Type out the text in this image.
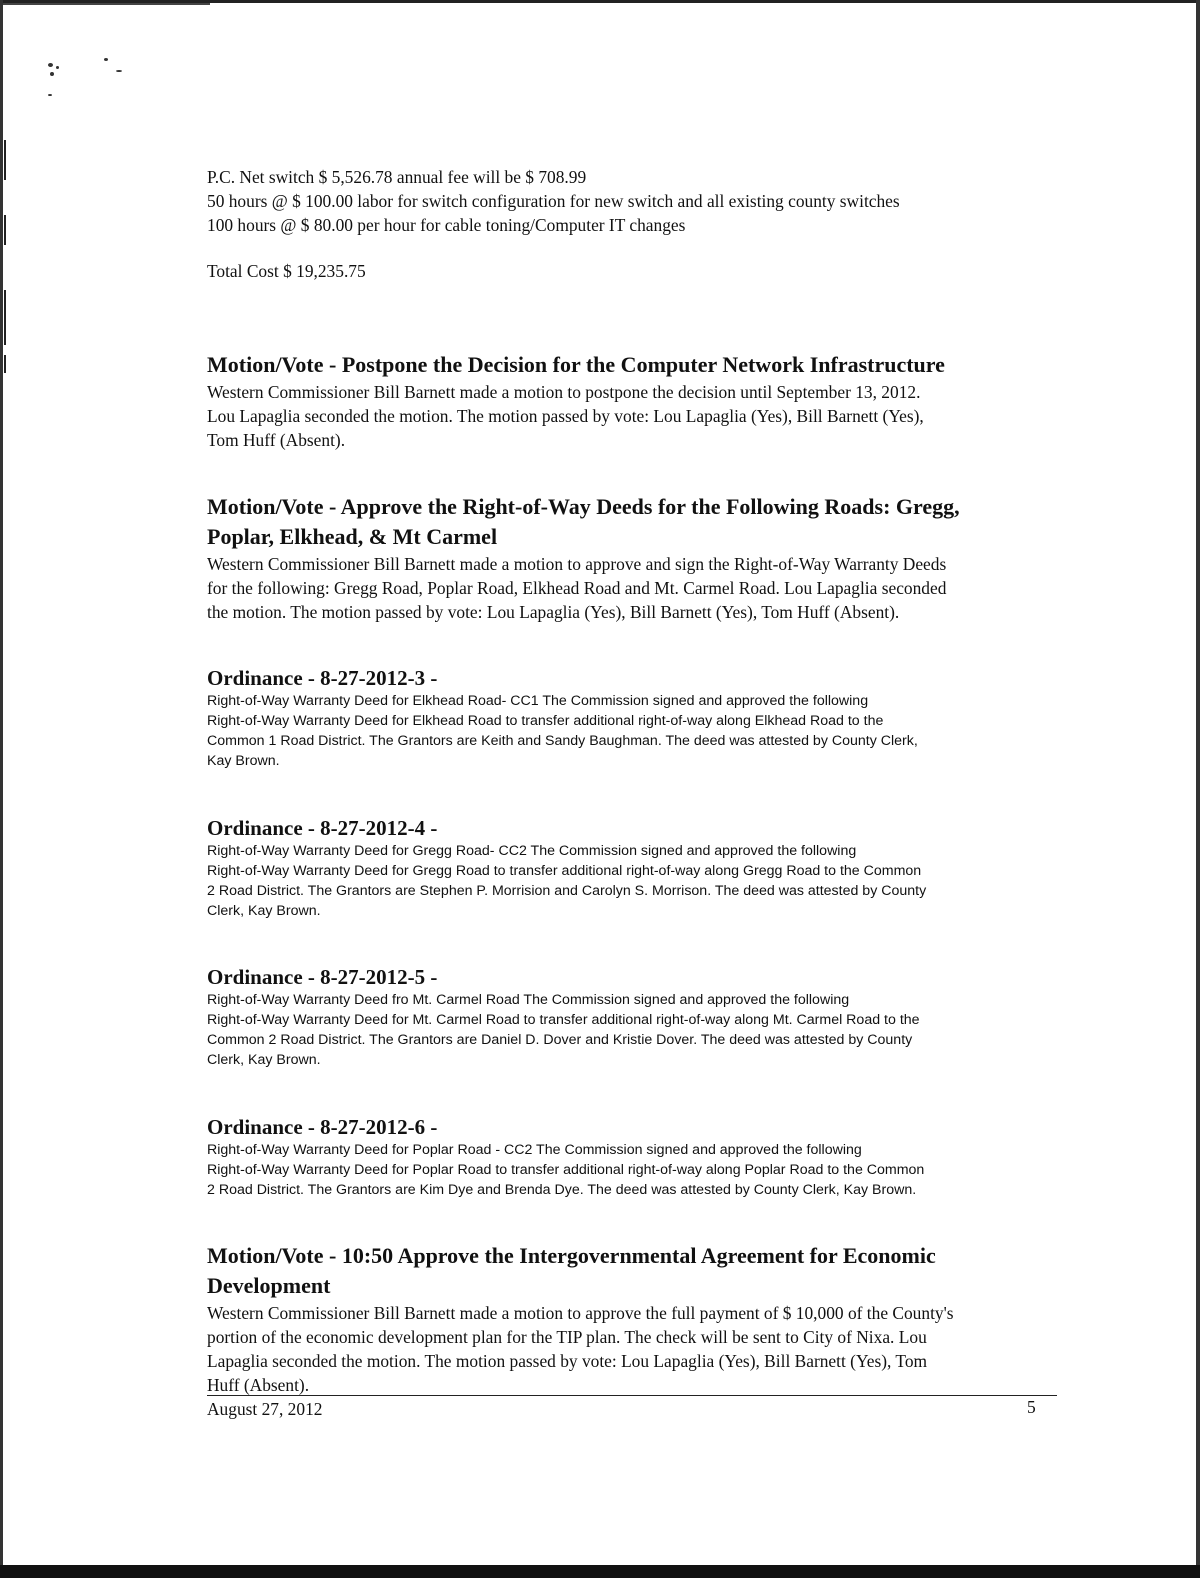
P.C. Net switch $ 5,526.78 annual fee will be $ 708.99
50 hours @ $ 100.00 labor for switch configuration for new switch and all existing county switches
100 hours @ $ 80.00 per hour for cable toning/Computer IT changes
Total Cost $ 19,235.75
Motion/Vote - Postpone the Decision for the Computer Network Infrastructure
Western Commissioner Bill Barnett made a motion to postpone the decision until September 13, 2012.
Lou Lapaglia seconded the motion. The motion passed by vote: Lou Lapaglia (Yes), Bill Barnett (Yes),
Tom Huff (Absent).
Motion/Vote - Approve the Right-of-Way Deeds for the Following Roads: Gregg,
Poplar, Elkhead, & Mt Carmel
Western Commissioner Bill Barnett made a motion to approve and sign the Right-of-Way Warranty Deeds
for the following: Gregg Road, Poplar Road, Elkhead Road and Mt. Carmel Road. Lou Lapaglia seconded
the motion. The motion passed by vote: Lou Lapaglia (Yes), Bill Barnett (Yes), Tom Huff (Absent).
Ordinance - 8-27-2012-3 -
Right-of-Way Warranty Deed for Elkhead Road- CC1 The Commission signed and approved the following
Right-of-Way Warranty Deed for Elkhead Road to transfer additional right-of-way along Elkhead Road to the
Common 1 Road District. The Grantors are Keith and Sandy Baughman. The deed was attested by County Clerk,
Kay Brown.
Ordinance - 8-27-2012-4 -
Right-of-Way Warranty Deed for Gregg Road- CC2 The Commission signed and approved the following
Right-of-Way Warranty Deed for Gregg Road to transfer additional right-of-way along Gregg Road to the Common
2 Road District. The Grantors are Stephen P. Morrision and Carolyn S. Morrison. The deed was attested by County
Clerk, Kay Brown.
Ordinance - 8-27-2012-5 -
Right-of-Way Warranty Deed fro Mt. Carmel Road The Commission signed and approved the following
Right-of-Way Warranty Deed for Mt. Carmel Road to transfer additional right-of-way along Mt. Carmel Road to the
Common 2 Road District. The Grantors are Daniel D. Dover and Kristie Dover. The deed was attested by County
Clerk, Kay Brown.
Ordinance - 8-27-2012-6 -
Right-of-Way Warranty Deed for Poplar Road - CC2 The Commission signed and approved the following
Right-of-Way Warranty Deed for Poplar Road to transfer additional right-of-way along Poplar Road to the Common
2 Road District. The Grantors are Kim Dye and Brenda Dye. The deed was attested by County Clerk, Kay Brown.
Motion/Vote - 10:50 Approve the Intergovernmental Agreement for Economic
Development
Western Commissioner Bill Barnett made a motion to approve the full payment of $ 10,000 of the County's
portion of the economic development plan for the TIP plan. The check will be sent to City of Nixa. Lou
Lapaglia seconded the motion. The motion passed by vote: Lou Lapaglia (Yes), Bill Barnett (Yes), Tom
Huff (Absent).
August 27, 2012	5
